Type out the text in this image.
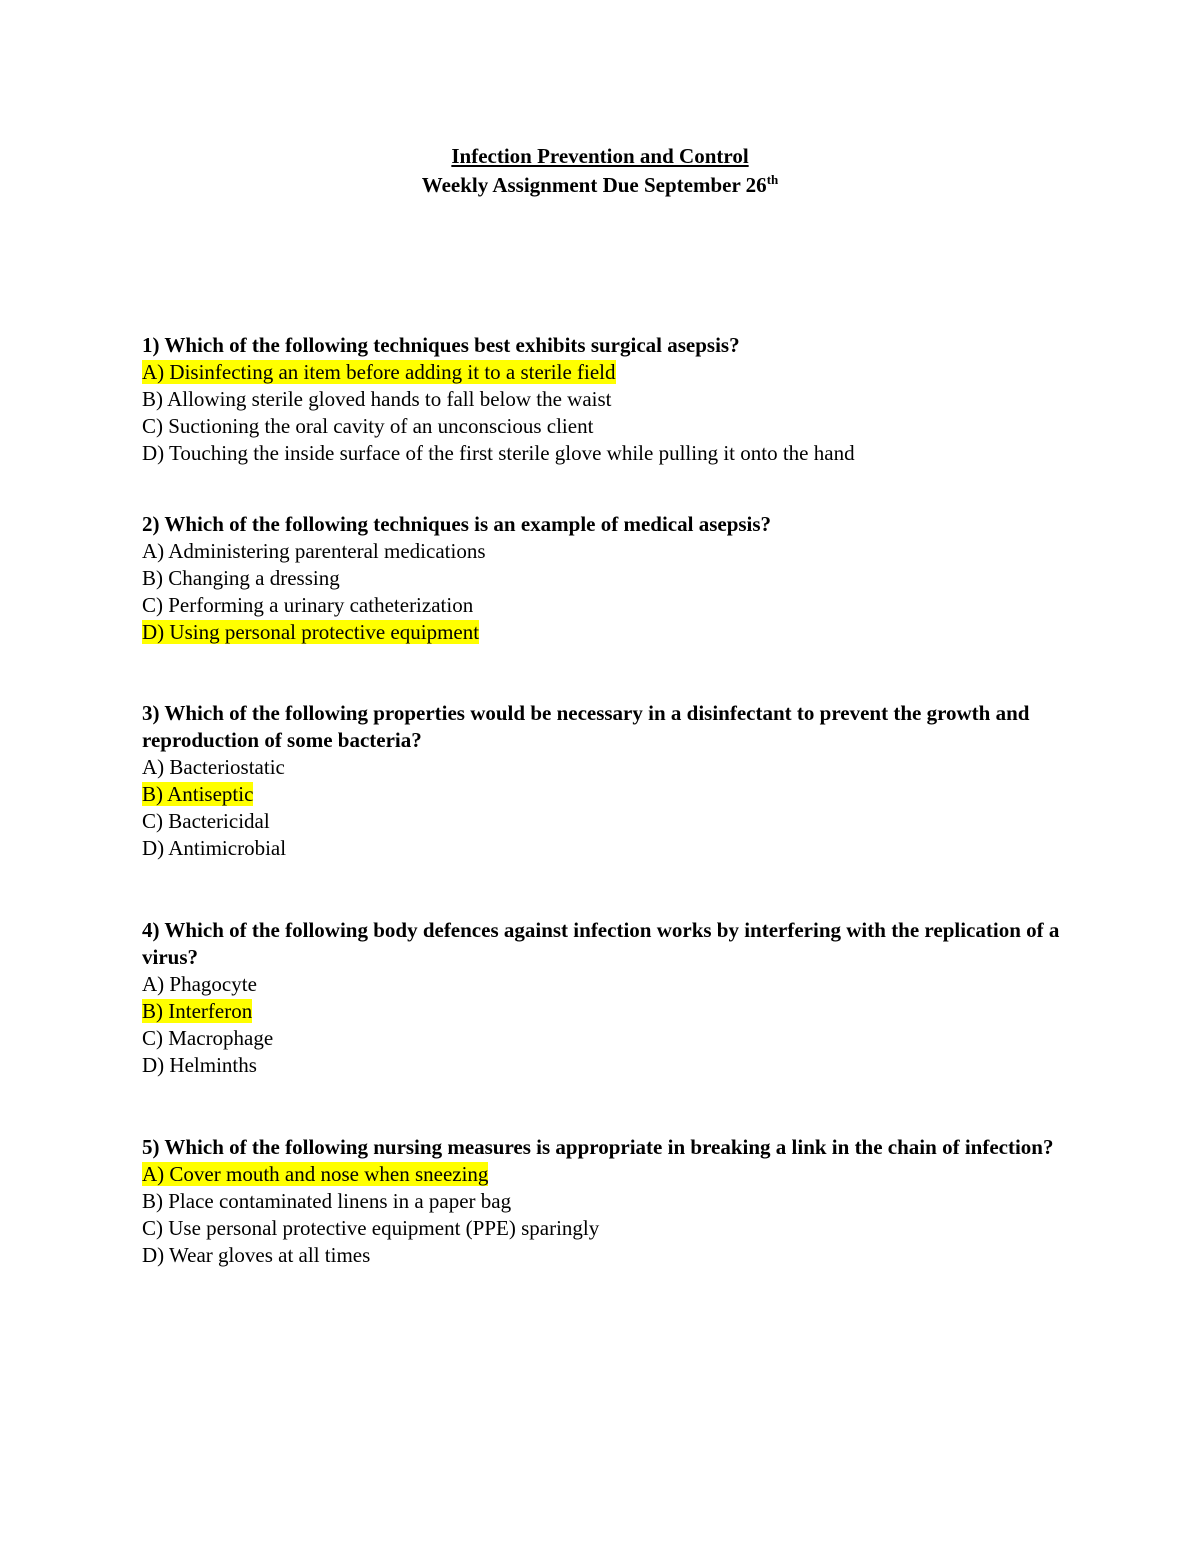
Infection Prevention and Control
Weekly Assignment Due September 26th
1) Which of the following techniques best exhibits surgical asepsis?
A) Disinfecting an item before adding it to a sterile field
B) Allowing sterile gloved hands to fall below the waist
C) Suctioning the oral cavity of an unconscious client
D) Touching the inside surface of the first sterile glove while pulling it onto the hand
2) Which of the following techniques is an example of medical asepsis?
A) Administering parenteral medications
B) Changing a dressing
C) Performing a urinary catheterization
D) Using personal protective equipment
3) Which of the following properties would be necessary in a disinfectant to prevent the growth and reproduction of some bacteria?
A) Bacteriostatic
B) Antiseptic
C) Bactericidal
D) Antimicrobial
4) Which of the following body defences against infection works by interfering with the replication of a virus?
A) Phagocyte
B) Interferon
C) Macrophage
D) Helminths
5) Which of the following nursing measures is appropriate in breaking a link in the chain of infection?
A) Cover mouth and nose when sneezing
B) Place contaminated linens in a paper bag
C) Use personal protective equipment (PPE) sparingly
D) Wear gloves at all times
